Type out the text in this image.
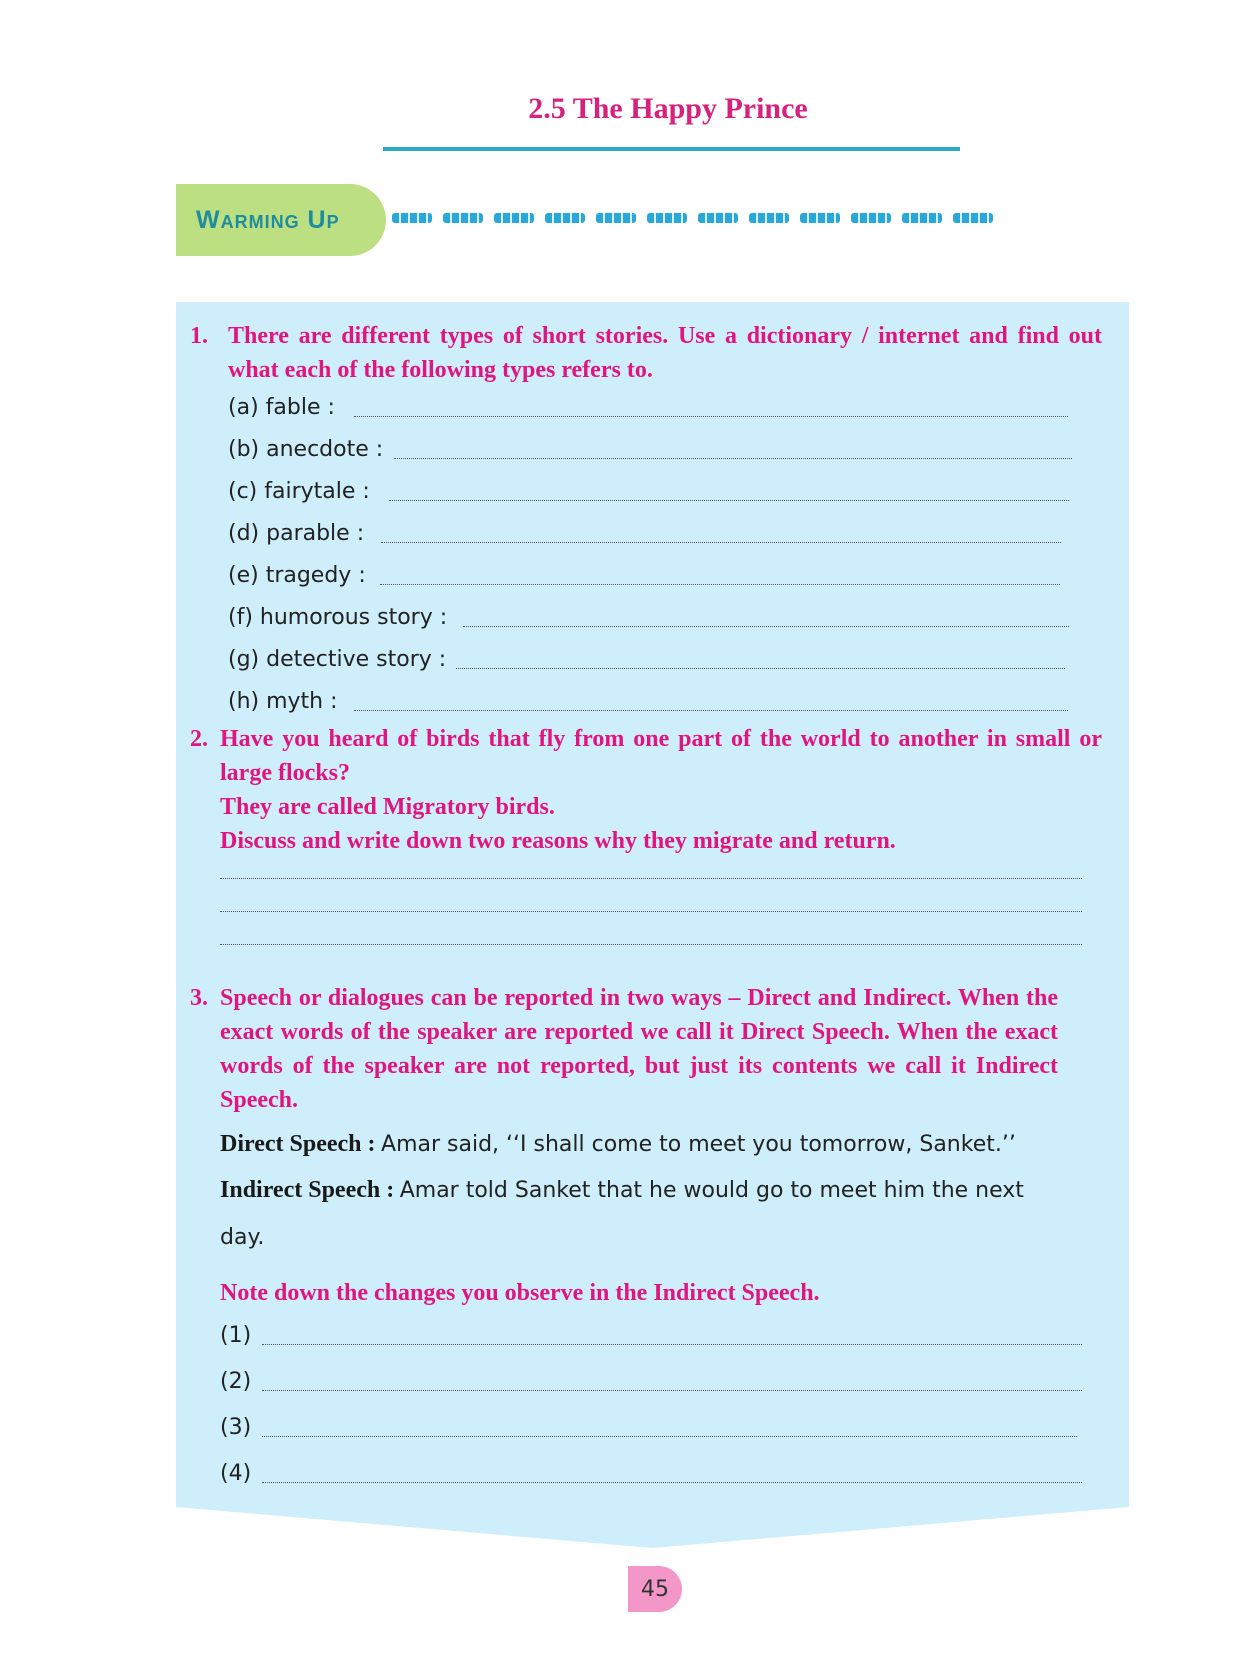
2.5 The Happy Prince
Warming Up
1. There are different types of short stories. Use a dictionary / internet and find out what each of the following types refers to.
(a) fable :
(b) anecdote :
(c) fairytale :
(d) parable :
(e) tragedy :
(f) humorous story :
(g) detective story :
(h) myth :
2. Have you heard of birds that fly from one part of the world to another in small or large flocks?
They are called Migratory birds.
Discuss and write down two reasons why they migrate and return.
3. Speech or dialogues can be reported in two ways – Direct and Indirect. When the exact words of the speaker are reported we call it Direct Speech. When the exact words of the speaker are not reported, but just its contents we call it Indirect Speech.
Direct Speech : Amar said, ‘‘I shall come to meet you tomorrow, Sanket.’’
Indirect Speech : Amar told Sanket that he would go to meet him the next day.
Note down the changes you observe in the Indirect Speech.
(1)
(2)
(3)
(4)
45
